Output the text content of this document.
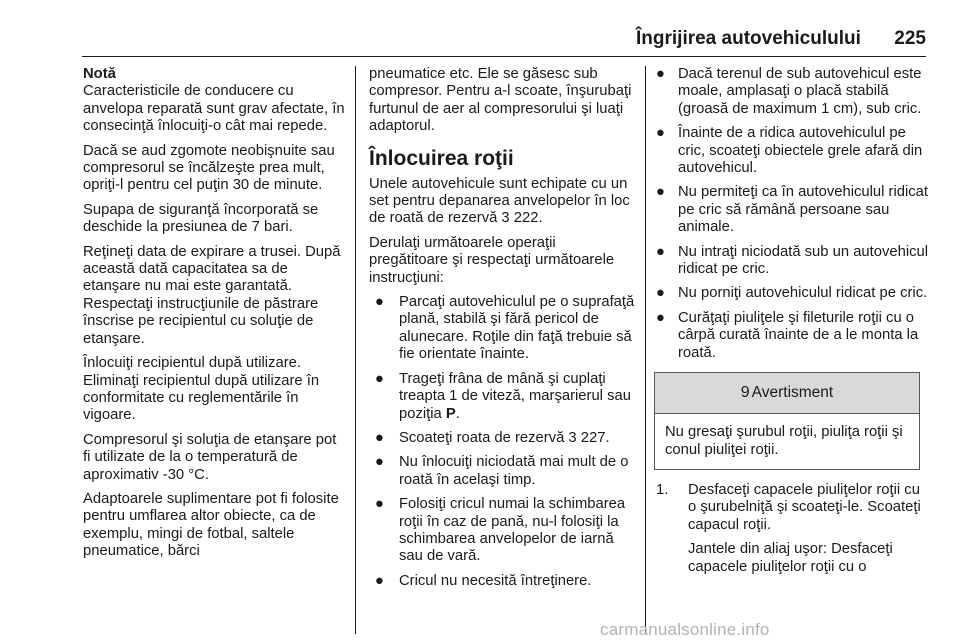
Îngrijirea autovehiculului 225

Notă

Caracteristicile de conducere cu anvelopa reparată sunt grav afectate, în consecinţă înlocuiţi-o cât mai repede.

Dacă se aud zgomote neobişnuite sau compresorul se încălzeşte prea mult, opriţi-l pentru cel puţin 30 de minute.

Supapa de siguranţă încorporată se deschide la presiunea de 7 bari.

Reţineţi data de expirare a trusei. După această dată capacitatea sa de etanşare nu mai este garantată. Respectaţi instrucţiunile de păstrare înscrise pe recipientul cu soluţie de etanşare.

Înlocuiţi recipientul după utilizare. Eliminaţi recipientul după utilizare în conformitate cu reglementările în vigoare.

Compresorul şi soluţia de etanşare pot fi utilizate de la o temperatură de aproximativ -30 °C.

Adaptoarele suplimentare pot fi folosite pentru umflarea altor obiecte, ca de exemplu, mingi de fotbal, saltele pneumatice, bărci

pneumatice etc. Ele se găsesc sub compresor. Pentru a-l scoate, înşurubaţi furtunul de aer al compresorului şi luaţi adaptorul.

Înlocuirea roţii

Unele autovehicule sunt echipate cu un set pentru depanarea anvelopelor în loc de roată de rezervă 3 222.

Derulaţi următoarele operaţii pregătitoare şi respectaţi următoarele instrucţiuni:

●	Parcaţi autovehiculul pe o suprafaţă plană, stabilă şi fără pericol de alunecare. Roţile din faţă trebuie să fie orientate înainte.
●	Trageţi frâna de mână şi cuplaţi treapta 1 de viteză, marşarierul sau poziţia P.
●	Scoateţi roata de rezervă 3 227.
●	Nu înlocuiţi niciodată mai mult de o roată în acelaşi timp.
●	Folosiţi cricul numai la schimbarea roţii în caz de pană, nu-l folosiţi la schimbarea anvelopelor de iarnă sau de vară.
●	Cricul nu necesită întreţinere.
● Dacă terenul de sub autovehicul este moale, amplasaţi o placă stabilă (groasă de maximum 1 cm), sub cric.
● Înainte de a ridica autovehiculul pe cric, scoateţi obiectele grele afară din autovehicul.
● Nu permiteţi ca în autovehiculul ridicat pe cric să rămână persoane sau animale.
● Nu intraţi niciodată sub un autovehicul ridicat pe cric.
● Nu porniţi autovehiculul ridicat pe cric.
● Curăţaţi piuliţele şi fileturile roţii cu o cârpă curată înainte de a le monta la roată.
9 Avertisment
Nu gresaţi şurubul roţii, piuliţa roţii şi conul piuliţei roţii.
1. Desfaceţi capacele piuliţelor roţii cu o şurubelniţă şi scoateţi-le. Scoateţi capacul roţii.

Jantele din aliaj uşor: Desfaceţi capacele piuliţelor roţii cu o

carmanualsonline.info
